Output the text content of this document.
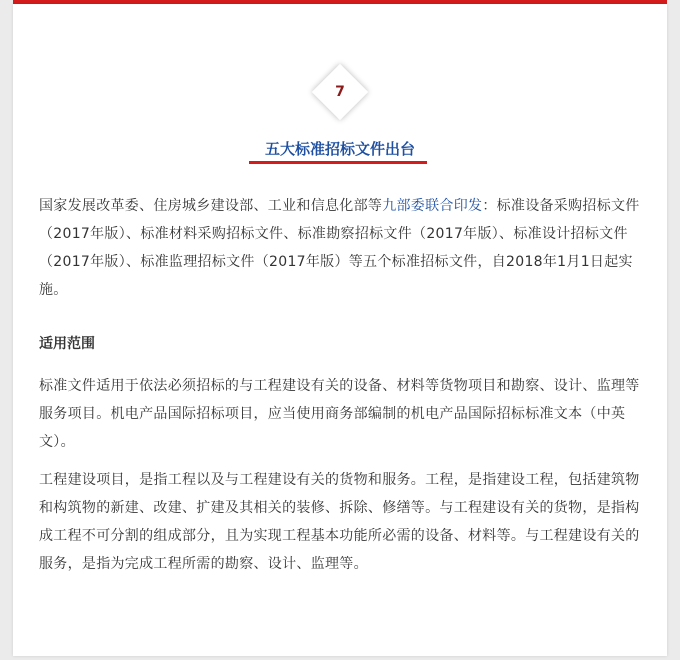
7
五大标准招标文件出台

国家发展改革委、住房城乡建设部、工业和信息化部等九部委联合印发：标准设备采购招标文件（2017年版）、标准材料采购招标文件、标准勘察招标文件（2017年版）、标准设计招标文件（2017年版）、标准监理招标文件（2017年版）等五个标准招标文件，自2018年1月1日起实施。

适用范围

标准文件适用于依法必须招标的与工程建设有关的设备、材料等货物项目和勘察、设计、监理等服务项目。机电产品国际招标项目，应当使用商务部编制的机电产品国际招标标准文本（中英文）。

工程建设项目，是指工程以及与工程建设有关的货物和服务。工程，是指建设工程，包括建筑物和构筑物的新建、改建、扩建及其相关的装修、拆除、修缮等。与工程建设有关的货物，是指构成工程不可分割的组成部分，且为实现工程基本功能所必需的设备、材料等。与工程建设有关的服务，是指为完成工程所需的勘察、设计、监理等。
